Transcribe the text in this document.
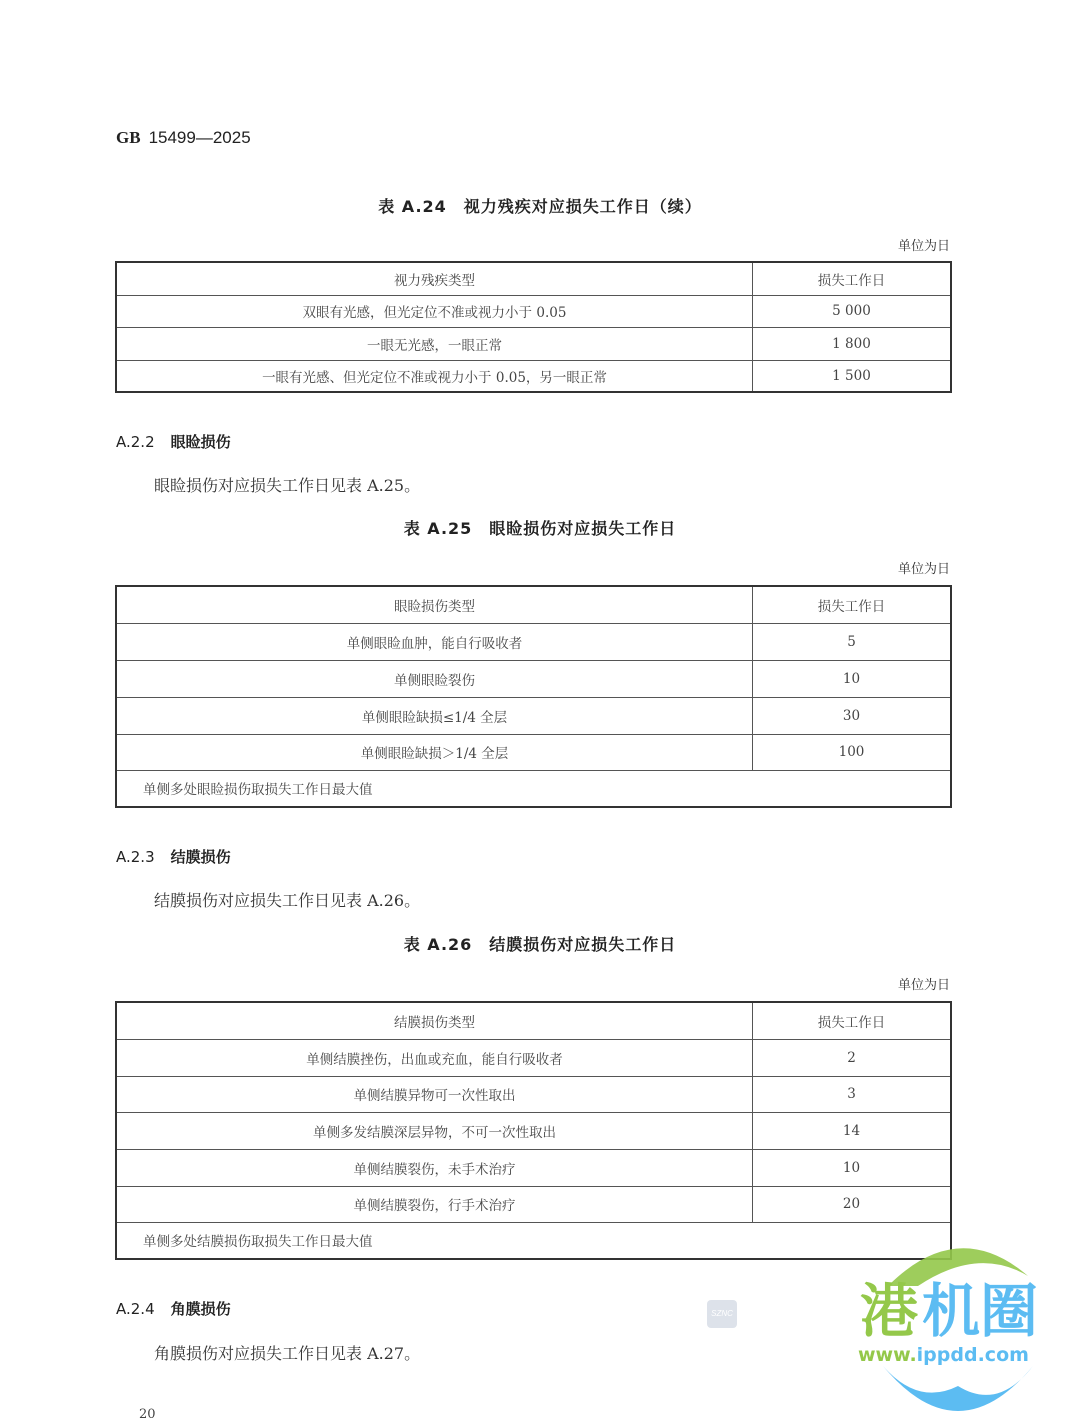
GB 15499—2025
表 A.24　视力残疾对应损失工作日（续）
单位为日
视力残疾类型	损失工作日
双眼有光感，但光定位不准或视力小于 0.05	5 000
一眼无光感，一眼正常	1 800
一眼有光感、但光定位不准或视力小于 0.05，另一眼正常	1 500
A.2.2 眼睑损伤
眼睑损伤对应损失工作日见表 A.25。
表 A.25　眼睑损伤对应损失工作日
单位为日
眼睑损伤类型	损失工作日
单侧眼睑血肿，能自行吸收者	5
单侧眼睑裂伤	10
单侧眼睑缺损≤1/4 全层	30
单侧眼睑缺损＞1/4 全层	100
单侧多处眼睑损伤取损失工作日最大值	
A.2.3 结膜损伤
结膜损伤对应损失工作日见表 A.26。
表 A.26　结膜损伤对应损失工作日
单位为日
结膜损伤类型	损失工作日
单侧结膜挫伤，出血或充血，能自行吸收者	2
单侧结膜异物可一次性取出	3
单侧多发结膜深层异物，不可一次性取出	14
单侧结膜裂伤，未手术治疗	10
单侧结膜裂伤，行手术治疗	20
单侧多处结膜损伤取损失工作日最大值	
A.2.4 角膜损伤
角膜损伤对应损失工作日见表 A.27。
20
SZNC 港 机圈
www.ippdd.com
